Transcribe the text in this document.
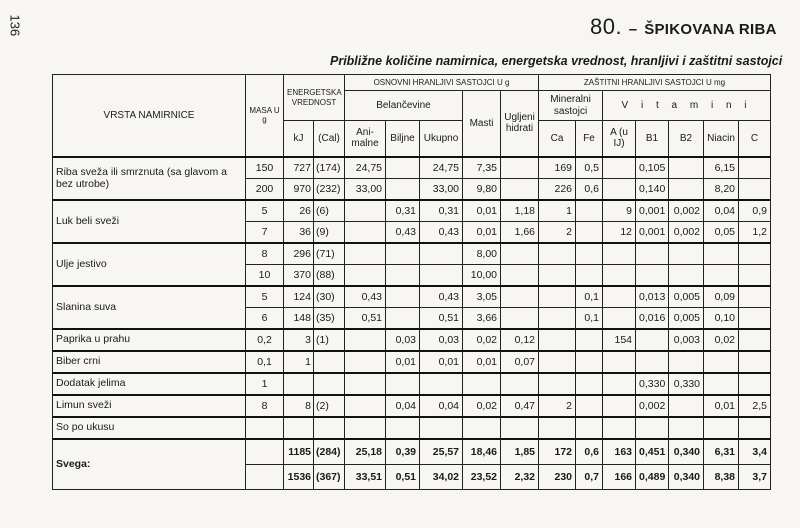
136	80. – ŠPIKOVANA RIBA
Približne količine namirnica, energetska vrednost, hranljivi i zaštitni sastojci
VRSTA NAMIRNICE	MASA U g	ENERGETSKA VREDNOST		OSNOVNI HRANLJIVI SASTOJCI U g					ZAŠTITNI HRANLJIVI SASTOJCI U mg						
				Belančevine			Masti	Ugljeni hidrati	Mineralni sastojci		V i t a m i n i				
		kJ	(Cal)	Ani- malne	Biljne	Ukupno			Ca	Fe	A (u IJ)	B1	B2	Niacin	C
Riba sveža ili smrznuta (sa glavom a bez utrobe)	150	727	(174)	24,75		24,75	7,35		169	0,5		0,105		6,15	
	200	970	(232)	33,00		33,00	9,80		226	0,6		0,140		8,20	
Luk beli sveži	5	26	(6)		0,31	0,31	0,01	1,18	1		9	0,001	0,002	0,04	0,9
	7	36	(9)		0,43	0,43	0,01	1,66	2		12	0,001	0,002	0,05	1,2
Ulje jestivo	8	296	(71)				8,00								
	10	370	(88)				10,00								
Slanina suva	5	124	(30)	0,43		0,43	3,05			0,1		0,013	0,005	0,09	
	6	148	(35)	0,51		0,51	3,66			0,1		0,016	0,005	0,10	
Paprika u prahu	0,2	3	(1)		0,03	0,03	0,02	0,12			154		0,003	0,02	
Biber crni	0,1	1			0,01	0,01	0,01	0,07							
Dodatak jelima	1											0,330	0,330		
Limun sveži	8	8	(2)		0,04	0,04	0,02	0,47	2			0,002		0,01	2,5
So po ukusu															
Svega:		1185	(284)	25,18	0,39	25,57	18,46	1,85	172	0,6	163	0,451	0,340	6,31	3,4
		1536	(367)	33,51	0,51	34,02	23,52	2,32	230	0,7	166	0,489	0,340	8,38	3,7
